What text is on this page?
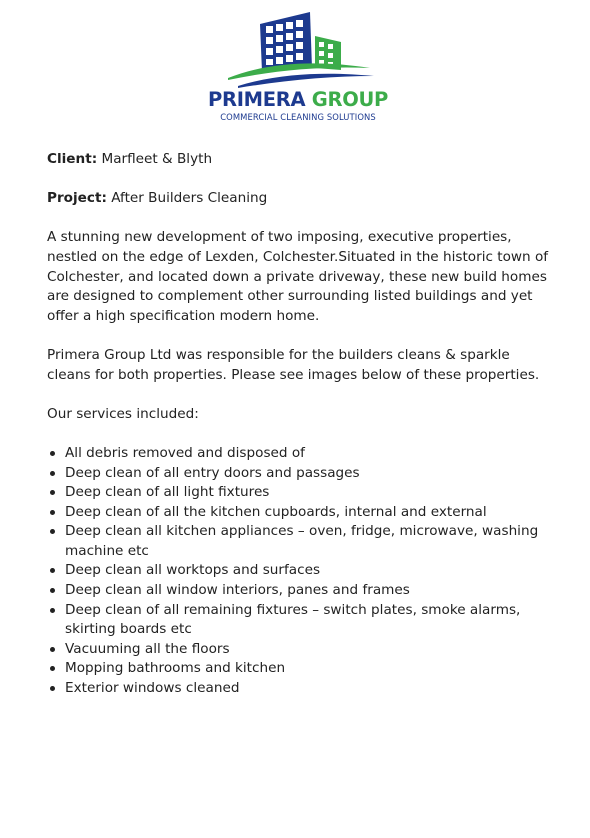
PRIMERA GROUP
COMMERCIAL CLEANING SOLUTIONS

Client: Marfleet & Blyth

Project: After Builders Cleaning

A stunning new development of two imposing, executive properties, nestled on the edge of Lexden, Colchester.Situated in the historic town of Colchester, and located down a private driveway, these new build homes are designed to complement other surrounding listed buildings and yet offer a high specification modern home.

Primera Group Ltd was responsible for the builders cleans & sparkle cleans for both properties. Please see images below of these properties.

Our services included:

All debris removed and disposed of
Deep clean of all entry doors and passages
Deep clean of all light fixtures
Deep clean of all the kitchen cupboards, internal and external
Deep clean all kitchen appliances – oven, fridge, microwave, washing machine etc
Deep clean all worktops and surfaces
Deep clean all window interiors, panes and frames
Deep clean of all remaining fixtures – switch plates, smoke alarms, skirting boards etc
Vacuuming all the floors
Mopping bathrooms and kitchen
Exterior windows cleaned
